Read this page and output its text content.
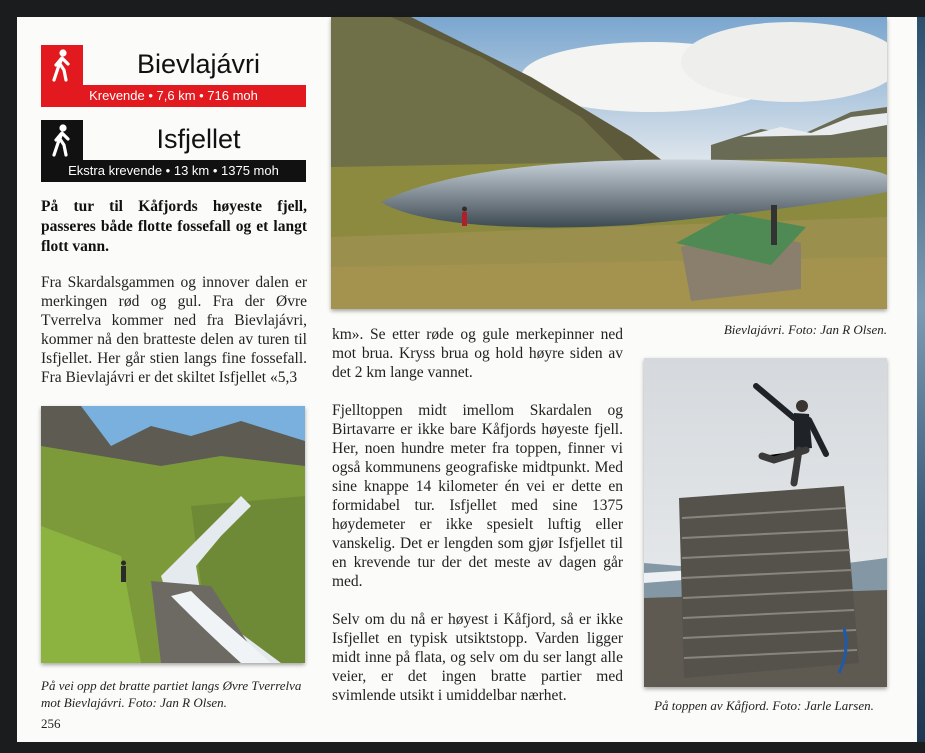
Bievlajávri
Krevende • 7,6 km • 716 moh
Isfjellet
Ekstra krevende • 13 km • 1375 moh
På tur til Kåfjords høyeste fjell, passeres både flotte fossefall og et langt flott vann.
Fra Skardalsgammen og innover dalen er merkingen rød og gul. Fra der Øvre Tverrelva kommer ned fra Bievlajávri, kommer nå den bratteste delen av turen til Isfjellet. Her går stien langs fine fossefall. Fra Bievlajávri er det skiltet Isfjellet «5,3
Bievlajávri. Foto: Jan R Olsen.
På vei opp det bratte partiet langs Øvre Tverrelva mot Bievlajávri. Foto: Jan R Olsen.

km». Se etter røde og gule merkepinner ned mot brua. Kryss brua og hold høyre siden av det 2 km lange vannet.

Fjelltoppen midt imellom Skardalen og Birtavarre er ikke bare Kåfjords høyeste fjell. Her, noen hundre meter fra toppen, finner vi også kommunens geografiske midtpunkt. Med sine knappe 14 kilometer én vei er dette en formidabel tur. Isfjellet med sine 1375 høydemeter er ikke spesielt luftig eller vanskelig. Det er lengden som gjør Isfjellet til en krevende tur der det meste av dagen går med.

Selv om du nå er høyest i Kåfjord, så er ikke Isfjellet en typisk utsiktstopp. Varden ligger midt inne på flata, og selv om du ser langt alle veier, er det ingen bratte partier med svimlende utsikt i umiddelbar nærhet.

På toppen av Kåfjord. Foto: Jarle Larsen.
256
